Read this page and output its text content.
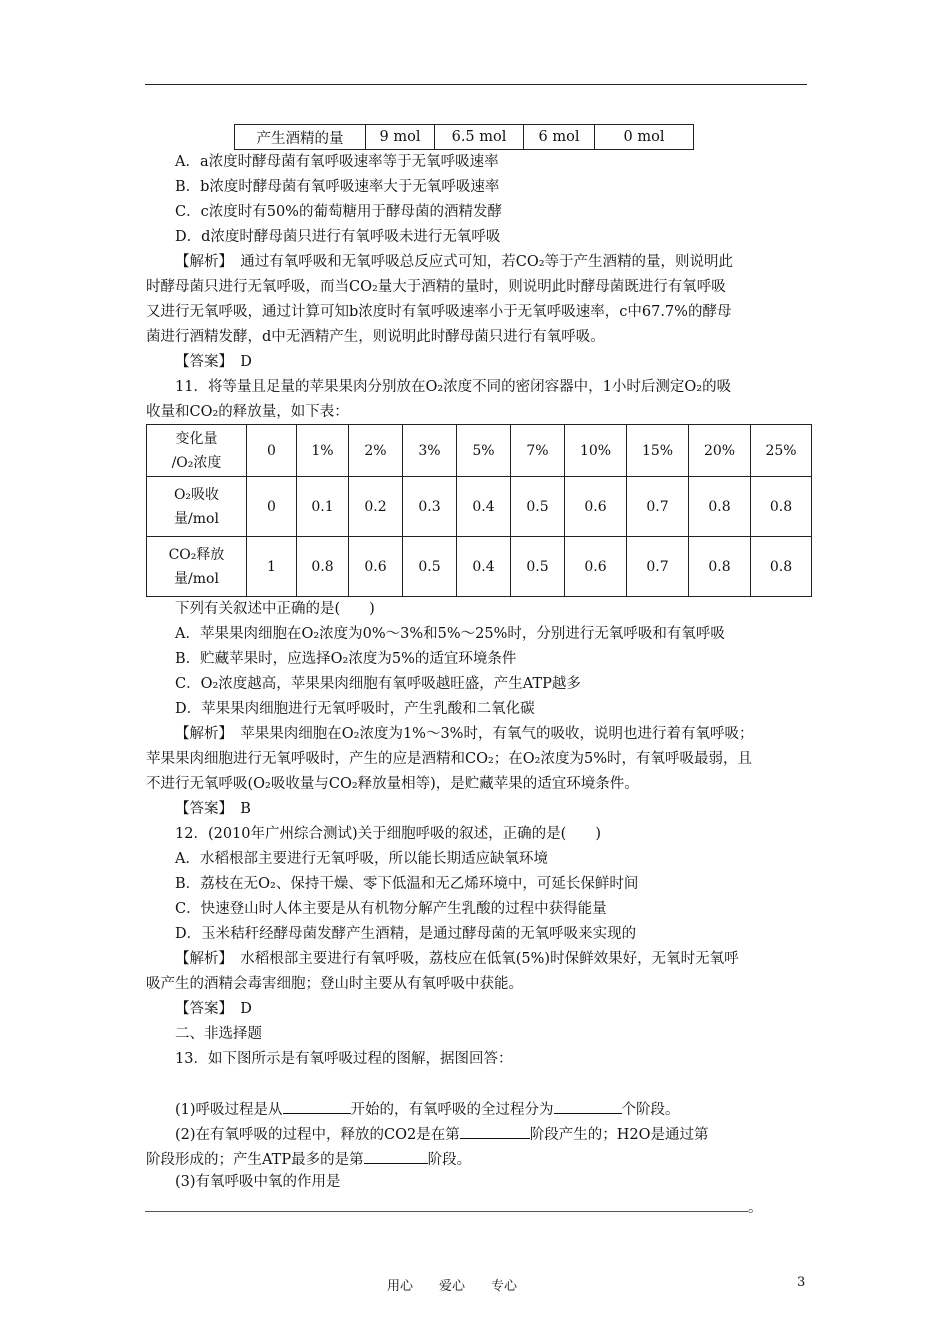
产生酒精的量	9 mol	6.5 mol	6 mol	0 mol
A．a浓度时酵母菌有氧呼吸速率等于无氧呼吸速率
B．b浓度时酵母菌有氧呼吸速率大于无氧呼吸速率
C．c浓度时有50%的葡萄糖用于酵母菌的酒精发酵
D．d浓度时酵母菌只进行有氧呼吸未进行无氧呼吸
【解析】　通过有氧呼吸和无氧呼吸总反应式可知，若CO₂等于产生酒精的量，则说明此
时酵母菌只进行无氧呼吸，而当CO₂量大于酒精的量时，则说明此时酵母菌既进行有氧呼吸
又进行无氧呼吸，通过计算可知b浓度时有氧呼吸速率小于无氧呼吸速率，c中67.7%的酵母
菌进行酒精发酵，d中无酒精产生，则说明此时酵母菌只进行有氧呼吸。
【答案】　D
11．将等量且足量的苹果果肉分别放在O₂浓度不同的密闭容器中，1小时后测定O₂的吸
收量和CO₂的释放量，如下表：
变化量
/O₂浓度	0	1%	2%	3%	5%	7%	10%	15%	20%	25%

O₂吸收
量/mol	0	0.1	0.2	0.3	0.4	0.5	0.6	0.7	0.8	0.8

CO₂释放
量/mol	1	0.8	0.6	0.5	0.4	0.5	0.6	0.7	0.8	0.8
下列有关叙述中正确的是(　　)
A．苹果果肉细胞在O₂浓度为0%～3%和5%～25%时，分别进行无氧呼吸和有氧呼吸
B．贮藏苹果时，应选择O₂浓度为5%的适宜环境条件
C．O₂浓度越高，苹果果肉细胞有氧呼吸越旺盛，产生ATP越多
D．苹果果肉细胞进行无氧呼吸时，产生乳酸和二氧化碳
【解析】　苹果果肉细胞在O₂浓度为1%～3%时，有氧气的吸收，说明也进行着有氧呼吸；
苹果果肉细胞进行无氧呼吸时，产生的应是酒精和CO₂；在O₂浓度为5%时，有氧呼吸最弱，且
不进行无氧呼吸(O₂吸收量与CO₂释放量相等)，是贮藏苹果的适宜环境条件。
【答案】　B
12．(2010年广州综合测试)关于细胞呼吸的叙述，正确的是(　　)
A．水稻根部主要进行无氧呼吸，所以能长期适应缺氧环境
B．荔枝在无O₂、保持干燥、零下低温和无乙烯环境中，可延长保鲜时间
C．快速登山时人体主要是从有机物分解产生乳酸的过程中获得能量
D．玉米秸秆经酵母菌发酵产生酒精，是通过酵母菌的无氧呼吸来实现的
【解析】　水稻根部主要进行有氧呼吸，荔枝应在低氧(5%)时保鲜效果好，无氧时无氧呼
吸产生的酒精会毒害细胞；登山时主要从有氧呼吸中获能。
【答案】　D
二、非选择题
13．如下图所示是有氧呼吸过程的图解，据图回答：
(1)呼吸过程是从	开始的，有氧呼吸的全过程分为	个阶段。
(2)在有氧呼吸的过程中，释放的CO2是在第	阶段产生的；H2O是通过第
阶段形成的；产生ATP最多的是第	阶段。
(3)有氧呼吸中氧的作用是
。
用心　　爱心　　专心	3
